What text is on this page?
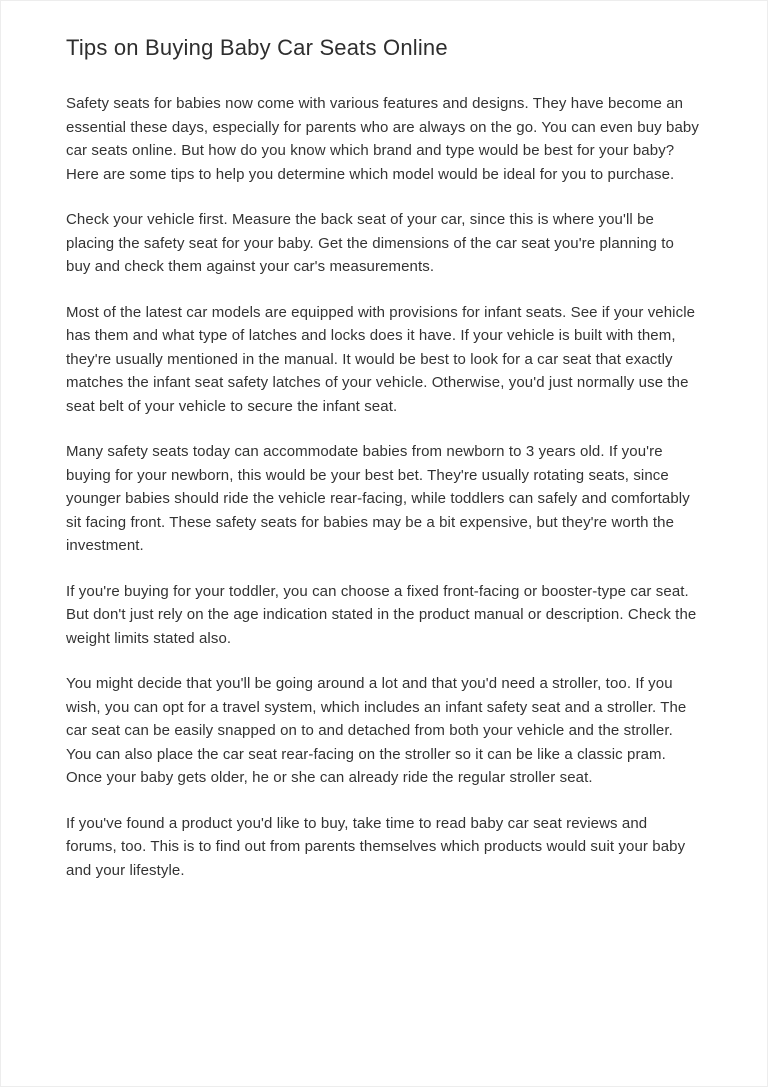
Tips on Buying Baby Car Seats Online

Safety seats for babies now come with various features and designs. They have become an essential these days, especially for parents who are always on the go. You can even buy baby car seats online. But how do you know which brand and type would be best for your baby? Here are some tips to help you determine which model would be ideal for you to purchase.

Check your vehicle first. Measure the back seat of your car, since this is where you'll be placing the safety seat for your baby. Get the dimensions of the car seat you're planning to buy and check them against your car's measurements.

Most of the latest car models are equipped with provisions for infant seats. See if your vehicle has them and what type of latches and locks does it have. If your vehicle is built with them, they're usually mentioned in the manual. It would be best to look for a car seat that exactly matches the infant seat safety latches of your vehicle. Otherwise, you'd just normally use the seat belt of your vehicle to secure the infant seat.

Many safety seats today can accommodate babies from newborn to 3 years old. If you're buying for your newborn, this would be your best bet. They're usually rotating seats, since younger babies should ride the vehicle rear-facing, while toddlers can safely and comfortably sit facing front. These safety seats for babies may be a bit expensive, but they're worth the investment.

If you're buying for your toddler, you can choose a fixed front-facing or booster-type car seat. But don't just rely on the age indication stated in the product manual or description. Check the weight limits stated also.

You might decide that you'll be going around a lot and that you'd need a stroller, too. If you wish, you can opt for a travel system, which includes an infant safety seat and a stroller. The car seat can be easily snapped on to and detached from both your vehicle and the stroller. You can also place the car seat rear-facing on the stroller so it can be like a classic pram. Once your baby gets older, he or she can already ride the regular stroller seat.

If you've found a product you'd like to buy, take time to read baby car seat reviews and forums, too. This is to find out from parents themselves which products would suit your baby and your lifestyle.
